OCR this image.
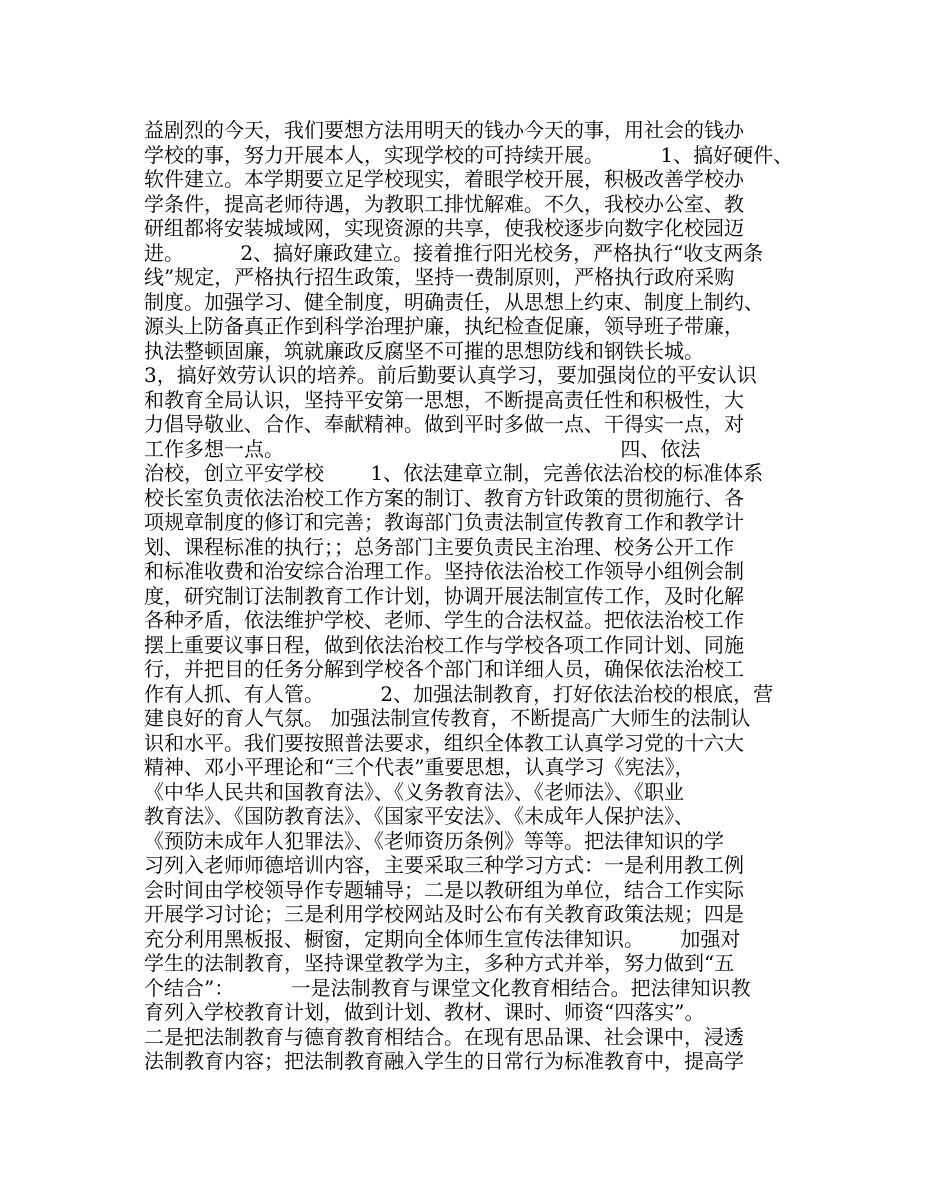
益剧烈的今天，我们要想方法用明天的钱办今天的事，用社会的钱办
学校的事，努力开展本人，实现学校的可持续开展。　　　 1、搞好硬件、
软件建立。本学期要立足学校现实，着眼学校开展，积极改善学校办
学条件，提高老师待遇，为教职工排忧解难。不久，我校办公室、教
研组都将安装城域网，实现资源的共享，使我校逐步向数字化校园迈
进。　　　 2、搞好廉政建立。接着推行阳光校务，严格执行“收支两条
线”规定，严格执行招生政策，坚持一费制原则，严格执行政府采购
制度。加强学习、健全制度，明确责任，从思想上约束、制度上制约、
源头上防备真正作到科学治理护廉，执纪检查促廉，领导班子带廉，
执法整顿固廉，筑就廉政反腐坚不可摧的思想防线和钢铁长城。
3，搞好效劳认识的培养。前后勤要认真学习，要加强岗位的平安认识
和教育全局认识，坚持平安第一思想，不断提高责任性和积极性，大
力倡导敬业、合作、奉献精神。做到平时多做一点、干得实一点，对
工作多想一点。　　　　　　　　　　　　　　　　　 四、依法
治校，创立平安学校　　 1、依法建章立制，完善依法治校的标准体系
校长室负责依法治校工作方案的制订、教育方针政策的贯彻施行、各
项规章制度的修订和完善；教诲部门负责法制宣传教育工作和教学计
划、课程标准的执行；；总务部门主要负责民主治理、校务公开工作
和标准收费和治安综合治理工作。坚持依法治校工作领导小组例会制
度，研究制订法制教育工作计划，协调开展法制宣传工作，及时化解
各种矛盾，依法维护学校、老师、学生的合法权益。把依法治校工作
摆上重要议事日程，做到依法治校工作与学校各项工作同计划、同施
行，并把目的任务分解到学校各个部门和详细人员，确保依法治校工
作有人抓、有人管。　　　 2、加强法制教育，打好依法治校的根底，营
建良好的育人气氛。 加强法制宣传教育，不断提高广大师生的法制认
识和水平。我们要按照普法要求，组织全体教工认真学习党的十六大
精神、邓小平理论和“三个代表”重要思想，认真学习《宪法》，
《中华人民共和国教育法》、《义务教育法》、《老师法》、《职业
教育法》、《国防教育法》、《国家平安法》、《未成年人保护法》、
《预防未成年人犯罪法》、《老师资历条例》等等。把法律知识的学
习列入老师师德培训内容，主要采取三种学习方式：一是利用教工例
会时间由学校领导作专题辅导；二是以教研组为单位，结合工作实际
开展学习讨论；三是利用学校网站及时公布有关教育政策法规；四是
充分利用黑板报、橱窗，定期向全体师生宣传法律知识。　　 加强对
学生的法制教育，坚持课堂教学为主，多种方式并举，努力做到“五
个结合”：　　　 一是法制教育与课堂文化教育相结合。把法律知识教
育列入学校教育计划，做到计划、教材、课时、师资“四落实”。
二是把法制教育与德育教育相结合。在现有思品课、社会课中，浸透
法制教育内容；把法制教育融入学生的日常行为标准教育中，提高学
